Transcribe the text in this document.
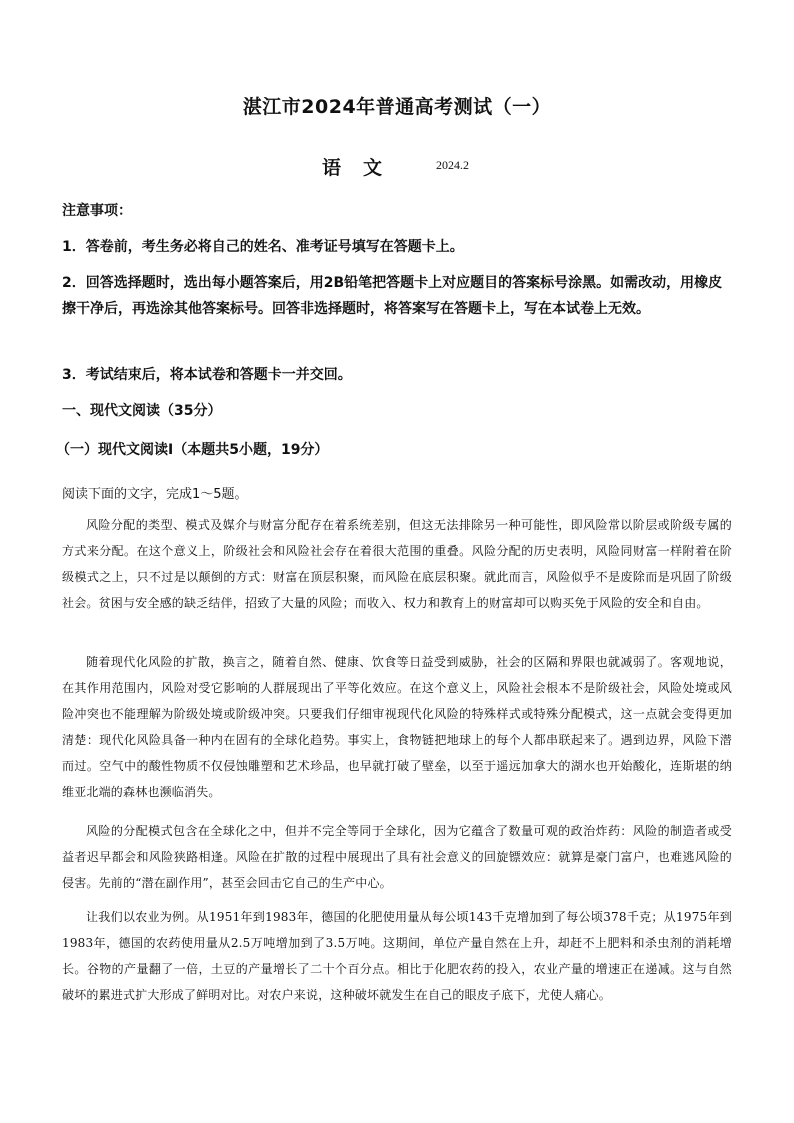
湛江市2024年普通高考测试（一）
语文	2024.2

注意事项：

1．答卷前，考生务必将自己的姓名、准考证号填写在答题卡上。

2．回答选择题时，选出每小题答案后，用2B铅笔把答题卡上对应题目的答案标号涂黑。如需改动，用橡皮擦干净后，再选涂其他答案标号。回答非选择题时，将答案写在答题卡上，写在本试卷上无效。

3．考试结束后，将本试卷和答题卡一并交回。

一、现代文阅读（35分）

（一）现代文阅读Ⅰ（本题共5小题，19分）

阅读下面的文字，完成1～5题。

风险分配的类型、模式及媒介与财富分配存在着系统差别，但这无法排除另一种可能性，即风险常以阶层或阶级专属的方式来分配。在这个意义上，阶级社会和风险社会存在着很大范围的重叠。风险分配的历史表明，风险同财富一样附着在阶级模式之上，只不过是以颠倒的方式：财富在顶层积聚，而风险在底层积聚。就此而言，风险似乎不是废除而是巩固了阶级社会。贫困与安全感的缺乏结伴，招致了大量的风险；而收入、权力和教育上的财富却可以购买免于风险的安全和自由。

随着现代化风险的扩散，换言之，随着自然、健康、饮食等日益受到威胁，社会的区隔和界限也就减弱了。客观地说，在其作用范围内，风险对受它影响的人群展现出了平等化效应。在这个意义上，风险社会根本不是阶级社会，风险处境或风险冲突也不能理解为阶级处境或阶级冲突。只要我们仔细审视现代化风险的特殊样式或特殊分配模式，这一点就会变得更加清楚：现代化风险具备一种内在固有的全球化趋势。事实上，食物链把地球上的每个人都串联起来了。遇到边界，风险下潜而过。空气中的酸性物质不仅侵蚀雕塑和艺术珍品，也早就打破了壁垒，以至于遥远加拿大的湖水也开始酸化，连斯堪的纳维亚北端的森林也濒临消失。

风险的分配模式包含在全球化之中，但并不完全等同于全球化，因为它蕴含了数量可观的政治炸药：风险的制造者或受益者迟早都会和风险狭路相逢。风险在扩散的过程中展现出了具有社会意义的回旋镖效应：就算是豪门富户，也难逃风险的侵害。先前的“潜在副作用”，甚至会回击它自己的生产中心。

让我们以农业为例。从1951年到1983年，德国的化肥使用量从每公顷143千克增加到了每公顷378千克；从1975年到1983年，德国的农药使用量从2.5万吨增加到了3.5万吨。这期间，单位产量自然在上升，却赶不上肥料和杀虫剂的消耗增长。谷物的产量翻了一倍，土豆的产量增长了二十个百分点。相比于化肥农药的投入，农业产量的增速正在递减。这与自然破坏的累进式扩大形成了鲜明对比。对农户来说，这种破坏就发生在自己的眼皮子底下，尤使人痛心。
